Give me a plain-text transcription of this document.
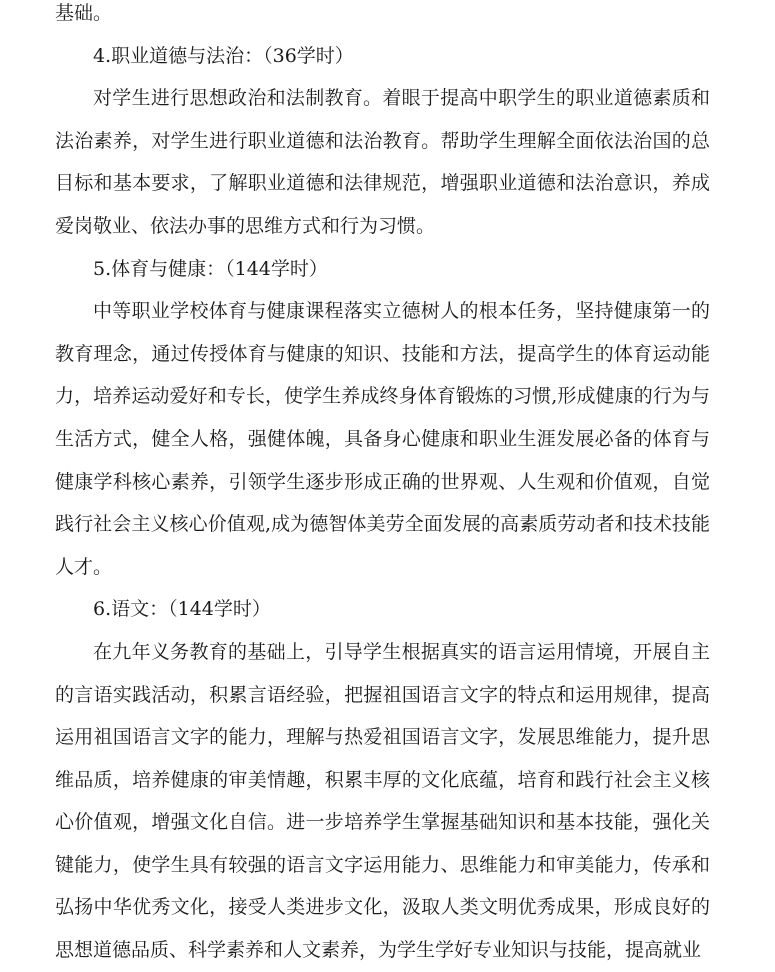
基础。

4.职业道德与法治：（36学时）

对学生进行思想政治和法制教育。着眼于提高中职学生的职业道德素质和法治素养，对学生进行职业道德和法治教育。帮助学生理解全面依法治国的总目标和基本要求，了解职业道德和法律规范，增强职业道德和法治意识，养成爱岗敬业、依法办事的思维方式和行为习惯。

5.体育与健康：（144学时）

中等职业学校体育与健康课程落实立德树人的根本任务，坚持健康第一的教育理念，通过传授体育与健康的知识、技能和方法，提高学生的体育运动能力，培养运动爱好和专长，使学生养成终身体育锻炼的习惯,形成健康的行为与生活方式，健全人格，强健体魄，具备身心健康和职业生涯发展必备的体育与健康学科核心素养，引领学生逐步形成正确的世界观、人生观和价值观，自觉践行社会主义核心价值观,成为德智体美劳全面发展的高素质劳动者和技术技能人才。

6.语文：（144学时）

在九年义务教育的基础上，引导学生根据真实的语言运用情境，开展自主的言语实践活动，积累言语经验，把握祖国语言文字的特点和运用规律，提高运用祖国语言文字的能力，理解与热爱祖国语言文字，发展思维能力，提升思维品质，培养健康的审美情趣，积累丰厚的文化底蕴，培育和践行社会主义核心价值观，增强文化自信。进一步培养学生掌握基础知识和基本技能，强化关键能力，使学生具有较强的语言文字运用能力、思维能力和审美能力，传承和弘扬中华优秀文化，接受人类进步文化，汲取人类文明优秀成果，形成良好的思想道德品质、科学素养和人文素养，为学生学好专业知识与技能，提高就业
